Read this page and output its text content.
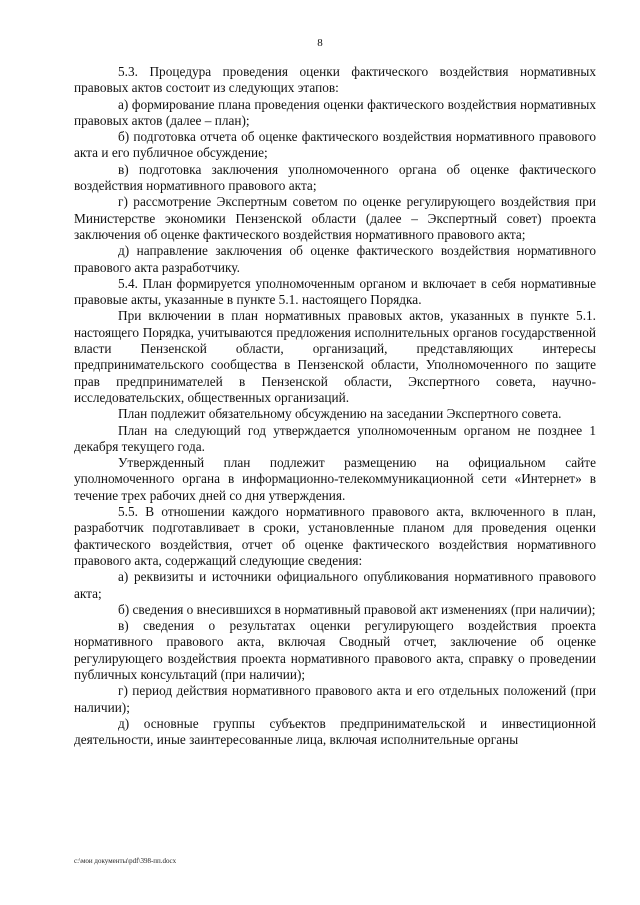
8

5.3. Процедура проведения оценки фактического воздействия нормативных правовых актов состоит из следующих этапов:

а) формирование плана проведения оценки фактического воздействия нормативных правовых актов (далее – план);

б) подготовка отчета об оценке фактического воздействия нормативного правового акта и его публичное обсуждение;

в) подготовка заключения уполномоченного органа об оценке фактического воздействия нормативного правового акта;

г) рассмотрение Экспертным советом по оценке регулирующего воздействия при Министерстве экономики Пензенской области (далее – Экспертный совет) проекта заключения об оценке фактического воздействия нормативного правового акта;

д) направление заключения об оценке фактического воздействия нормативного правового акта разработчику.

5.4. План формируется уполномоченным органом и включает в себя нормативные правовые акты, указанные в пункте 5.1. настоящего Порядка.

При включении в план нормативных правовых актов, указанных в пункте 5.1. настоящего Порядка, учитываются предложения исполнительных органов государственной власти Пензенской области, организаций, представляющих интересы предпринимательского сообщества в Пензенской области, Уполномоченного по защите прав предпринимателей в Пензенской области, Экспертного совета, научно-исследовательских, общественных организаций.

План подлежит обязательному обсуждению на заседании Экспертного совета.

План на следующий год утверждается уполномоченным органом не позднее 1 декабря текущего года.

Утвержденный план подлежит размещению на официальном сайте уполномоченного органа в информационно-телекоммуникационной сети «Интернет» в течение трех рабочих дней со дня утверждения.

5.5. В отношении каждого нормативного правового акта, включенного в план, разработчик подготавливает в сроки, установленные планом для проведения оценки фактического воздействия, отчет об оценке фактического воздействия нормативного правового акта, содержащий следующие сведения:

а) реквизиты и источники официального опубликования нормативного правового акта;

б) сведения о внесившихся в нормативный правовой акт изменениях (при наличии);

в) сведения о результатах оценки регулирующего воздействия проекта нормативного правового акта, включая Сводный отчет, заключение об оценке регулирующего воздействия проекта нормативного правового акта, справку о проведении публичных консультаций (при наличии);

г) период действия нормативного правового акта и его отдельных положений (при наличии);

д) основные группы субъектов предпринимательской и инвестиционной деятельности, иные заинтересованные лица, включая исполнительные органы

c:\мои документы\pdf\398-пп.docx
